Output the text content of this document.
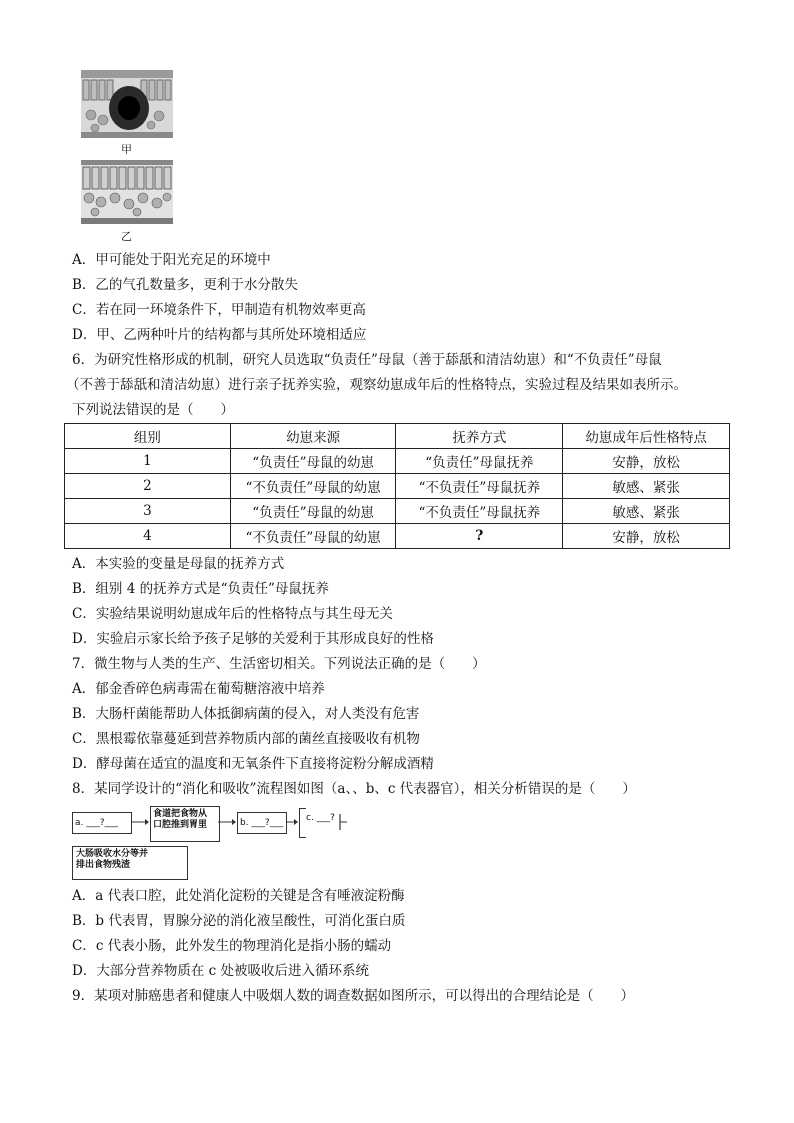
甲
乙
A．甲可能处于阳光充足的环境中
B．乙的气孔数量多，更利于水分散失
C．若在同一环境条件下，甲制造有机物效率更高
D．甲、乙两种叶片的结构都与其所处环境相适应
6．为研究性格形成的机制，研究人员选取“负责任”母鼠（善于舔舐和清洁幼崽）和“不负责任”母鼠
（不善于舔舐和清洁幼崽）进行亲子抚养实验，观察幼崽成年后的性格特点，实验过程及结果如表所示。
下列说法错误的是（　　）
组别	幼崽来源	抚养方式	幼崽成年后性格特点
1	“负责任”母鼠的幼崽	“负责任”母鼠抚养	安静，放松
2	“不负责任”母鼠的幼崽	“不负责任”母鼠抚养	敏感、紧张
3	“负责任”母鼠的幼崽	“不负责任”母鼠抚养	敏感、紧张
4	“不负责任”母鼠的幼崽	?	安静，放松
A．本实验的变量是母鼠的抚养方式
B．组别 4 的抚养方式是“负责任”母鼠抚养
C．实验结果说明幼崽成年后的性格特点与其生母无关
D．实验启示家长给予孩子足够的关爱利于其形成良好的性格
7．微生物与人类的生产、生活密切相关。下列说法正确的是（　　）
A．郁金香碎色病毒需在葡萄糖溶液中培养
B．大肠杆菌能帮助人体抵御病菌的侵入，对人类没有危害
C．黑根霉依靠蔓延到营养物质内部的菌丝直接吸收有机物
D．酵母菌在适宜的温度和无氧条件下直接将淀粉分解成酒精
8．某同学设计的“消化和吸收”流程图如图（a、、b、c 代表器官），相关分析错误的是（　　）
a. ___?___
食道把食物从
口腔推到胃里	b. ___?___	c. ___?
大肠吸收水分等并
排出食物残渣
A．a 代表口腔，此处消化淀粉的关键是含有唾液淀粉酶
B．b 代表胃，胃腺分泌的消化液呈酸性，可消化蛋白质
C．c 代表小肠，此外发生的物理消化是指小肠的蠕动
D．大部分营养物质在 c 处被吸收后进入循环系统
9．某项对肺癌患者和健康人中吸烟人数的调查数据如图所示，可以得出的合理结论是（　　）
